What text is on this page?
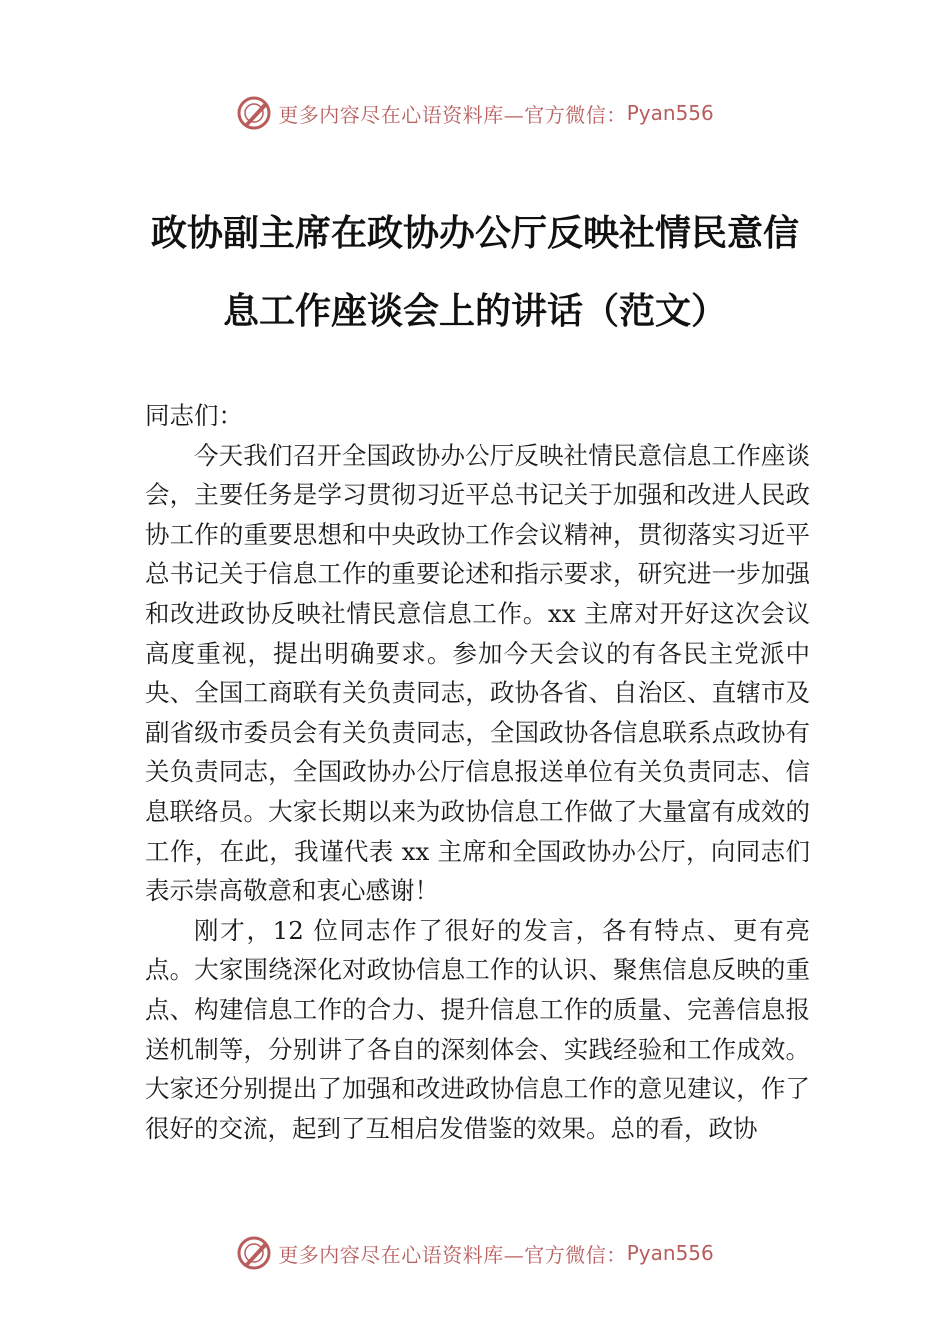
更多内容尽在心语资料库—官方微信： Pyan556
政协副主席在政协办公厅反映社情民意信
息工作座谈会上的讲话（范文）

同志们：

今天我们召开全国政协办公厅反映社情民意信息工作座谈会，主要任务是学习贯彻习近平总书记关于加强和改进人民政协工作的重要思想和中央政协工作会议精神，贯彻落实习近平总书记关于信息工作的重要论述和指示要求，研究进一步加强和改进政协反映社情民意信息工作。xx 主席对开好这次会议高度重视，提出明确要求。参加今天会议的有各民主党派中央、全国工商联有关负责同志，政协各省、自治区、直辖市及副省级市委员会有关负责同志，全国政协各信息联系点政协有关负责同志，全国政协办公厅信息报送单位有关负责同志、信息联络员。大家长期以来为政协信息工作做了大量富有成效的工作，在此，我谨代表 xx 主席和全国政协办公厅，向同志们表示崇高敬意和衷心感谢！

刚才，12 位同志作了很好的发言，各有特点、更有亮点。大家围绕深化对政协信息工作的认识、聚焦信息反映的重点、构建信息工作的合力、提升信息工作的质量、完善信息报送机制等，分别讲了各自的深刻体会、实践经验和工作成效。大家还分别提出了加强和改进政协信息工作的意见建议，作了很好的交流，起到了互相启发借鉴的效果。总的看，政协

更多内容尽在心语资料库—官方微信： Pyan556
